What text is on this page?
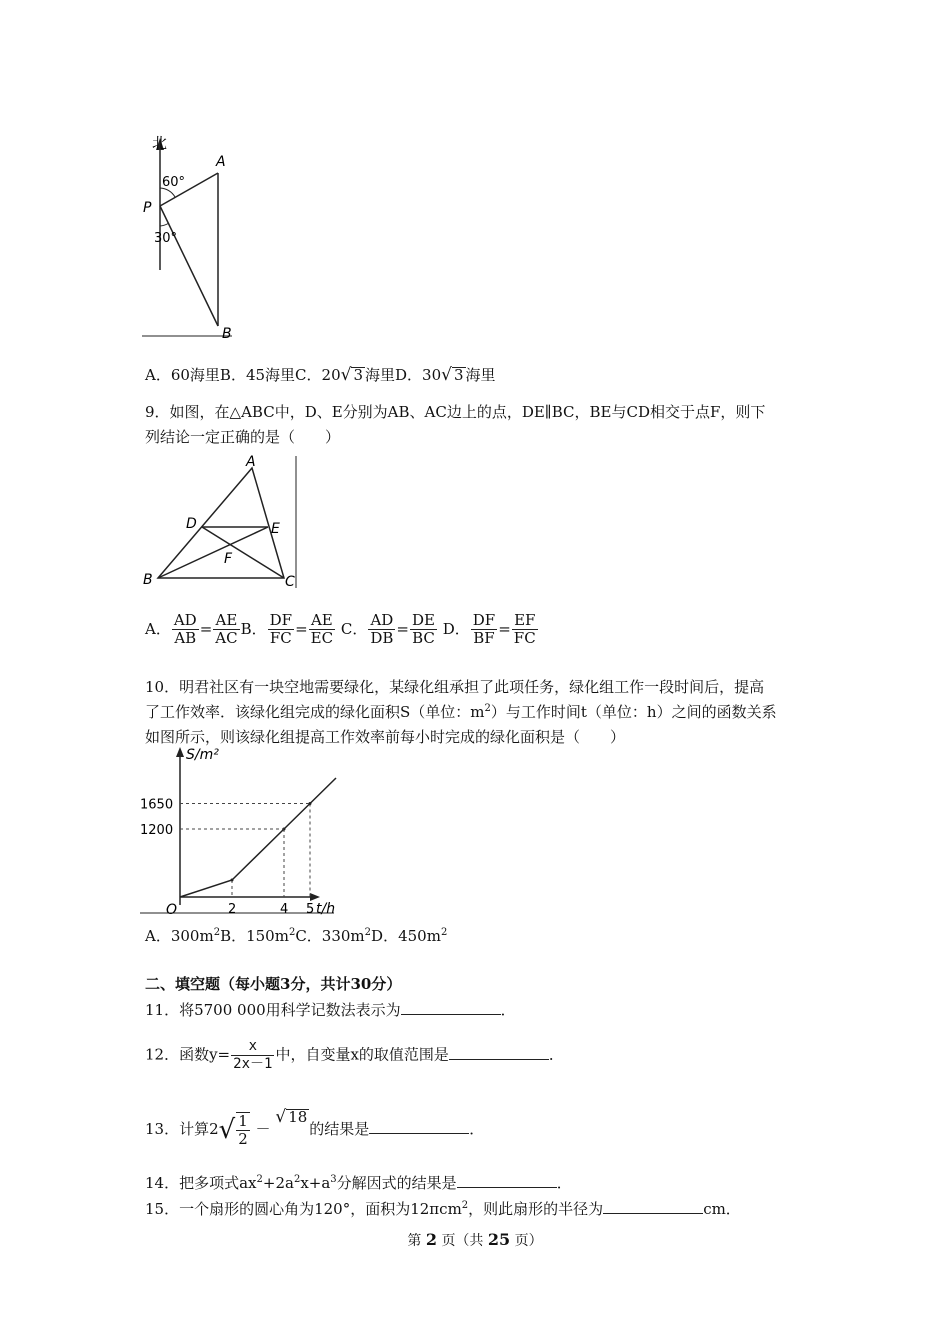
北
A
P
B
60°
30°
A．60海里B．45海里C．20√ 3 海里D．30√ 3 海里
9．如图，在△ABC中，D、E分别为AB、AC边上的点，DE∥BC，BE与CD相交于点F，则下
列结论一定正确的是（　　）
A
D	E
F
B	C
A． $\frac{AD}{AB} = \frac{AE}{AC}$ B． $\frac{DF}{FC} = \frac{AE}{EC}$ C． $\frac{AD}{DB} = \frac{DE}{BC}$ D． $\frac{DF}{BF} = \frac{EF}{FC}$
10．明君社区有一块空地需要绿化，某绿化组承担了此项任务，绿化组工作一段时间后，提高
了工作效率．该绿化组完成的绿化面积S（单位：$m^2$）与工作时间t（单位：h）之间的函数关系
如图所示，则该绿化组提高工作效率前每小时完成的绿化面积是（　　）
S/m²
t/h
O
1200
1650
2	4 5
A．$300m^2B$．$150m^2C$．$330m^2D$．$450m^2$
二、填空题（每小题3分，共计30分）
11．将5700 000用科学记数法表示为	．
12．函数$y= \frac{x}{2x-1}$ 中，自变量x的取值范围是	．
13．计算$2√ \frac{1}{2}$ － √ 18的结果是	．
14．把多项式$ax^2+2a^2x+a^3$分解因式的结果是	．
15．一个扇形的圆心角为120°，面积为12πcm$^2$，则此扇形的半径为	cm．
第 2 页（共 25 页）
